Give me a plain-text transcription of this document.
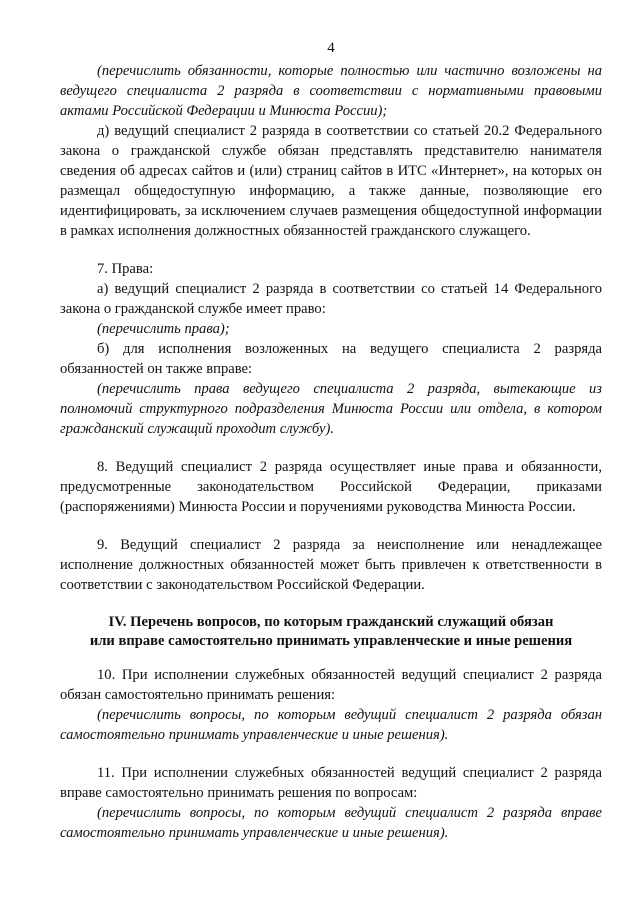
4

(перечислить обязанности, которые полностью или частично возложены на ведущего специалиста 2 разряда в соответствии с нормативными правовыми актами Российской Федерации и Минюста России);

д) ведущий специалист 2 разряда в соответствии со статьей 20.2 Федерального закона о гражданской службе обязан представлять представителю нанимателя сведения об адресах сайтов и (или) страниц сайтов в ИТС «Интернет», на которых он размещал общедоступную информацию, а также данные, позволяющие его идентифицировать, за исключением случаев размещения общедоступной информации в рамках исполнения должностных обязанностей гражданского служащего.

7. Права:

а) ведущий специалист 2 разряда в соответствии со статьей 14 Федерального закона о гражданской службе имеет право:

(перечислить права);

б) для исполнения возложенных на ведущего специалиста 2 разряда обязанностей он также вправе:

(перечислить права ведущего специалиста 2 разряда, вытекающие из полномочий структурного подразделения Минюста России или отдела, в котором гражданский служащий проходит службу).

8. Ведущий специалист 2 разряда осуществляет иные права и обязанности, предусмотренные законодательством Российской Федерации, приказами (распоряжениями) Минюста России и поручениями руководства Минюста России.

9. Ведущий специалист 2 разряда за неисполнение или ненадлежащее исполнение должностных обязанностей может быть привлечен к ответственности в соответствии с законодательством Российской Федерации.

IV. Перечень вопросов, по которым гражданский служащий обязан
или вправе самостоятельно принимать управленческие и иные решения

10. При исполнении служебных обязанностей ведущий специалист 2 разряда обязан самостоятельно принимать решения:

(перечислить вопросы, по которым ведущий специалист 2 разряда обязан самостоятельно принимать управленческие и иные решения).

11. При исполнении служебных обязанностей ведущий специалист 2 разряда вправе самостоятельно принимать решения по вопросам:

(перечислить вопросы, по которым ведущий специалист 2 разряда вправе самостоятельно принимать управленческие и иные решения).
